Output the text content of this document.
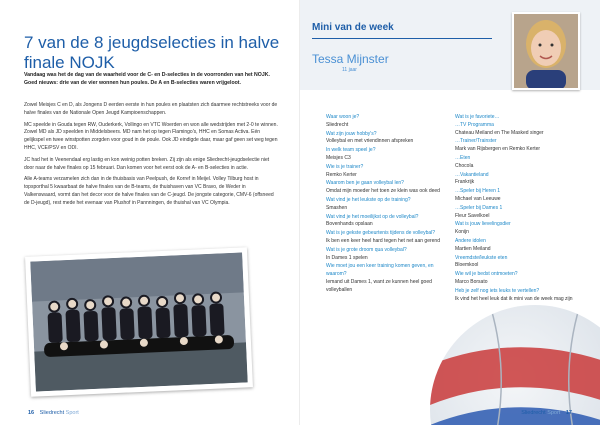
7 van de 8 jeugdselecties in halve finale NOJK
Vandaag was het de dag van de waarheid voor de C- en D-selecties in de voorronden van het NOJK. Goed nieuws: drie van de vier wonnen hun poules. De A en B-selecties waren vrijgeloot.

Zowel Meisjes C en D, als Jongens D eerden eerste in hun poules en plaatsten zich daarmee rechtstreeks voor de halve finales van de Nationale Open Jeugd Kampioenschappen.

MC speelde in Gouda tegen RW, Ouderkerk, Vollingo en VTC Woerden en won alle wedstrijden met 2-0 te winnen. Zowel MD als JD speelden in Middelsbeers. MD nam het op tegen Flamingo's, HHC en Somas Activa. Eén gelijkspel en twee winstpotten zorgden voor goud in de poule. Ook JD eindigde daar, maar gaf geen set weg tegen HHC, VCE/PSV en ODI.

JC had het in Veenendaal erg lastig en kon weinig potten breken. Zij zijn als enige Sliedrecht-jeugdselectie niet door naar de halve finales op 15 februari. Dan komen voor het eerst ook de A- en B-selecties in actie.

Alle A-teams verzamelen zich dan in de thuisbasis van Peelpush, de Korref in Meijel. Volley Tilburg host in topsporthal 5 kwaarbaat de halve finales van de B-teams, de thuishaven van VC Bravo, de Weder in Valkenswaard, vormt dan het decor voor de halve finales van de C-jeugd. De jongste categorie, CMV-6 (offsneed de D-jeugd), rest mede het evenaar van Plushof in Pannningen, de thuishal van VC Olympia.

16 Sliedrecht Sport
Mini van de week
Tessa Mijnster
11 jaar
Waar woon je?
Sliedrecht
Wat zijn jouw hobby's?
Volleybal en met vriendinnen afspreken
In welk team speel je?
Meisjes C3
Wie is je trainer?
Remko Kerter
Waarom ben je gaan volleybal len?
Omdat mijn moeder het toen ze klein was ook deed
Wat vind je het leukste op de training?
Smashen
Wat vind je het moeilijkst op de volleybal?
Bovenhands opslaan
Wat is je gekste gebeurtenis tijdens de volleybal?
Ik ben een keer heel hard tegen het net aan gerend
Wat is je grote droom qua volleybal?
In Dames 1 spelen
Wie moet jou een keer training komen geven, en waarom?
Iemand uit Dames 1, want ze kunnen heel goed volleyballen
Wat is je favoriete…
…TV Programma
Chateau Meiland en The Masked singer
…Trainer/Trainster
Mark van Rijsbergen en Remko Kerter
…Eten
Chocola
…Vakantieland
Frankrijk
…Speler bij Heren 1
Michael van Leeuwe
…Speler bij Dames 1
Fleur Savelkoel
Wat is jouw lievelingsdier
Konijn
Andere idolen
Martien Meiland
Vreemdste/leukste eten
Bloemkool
Wie wil je bedst ontmoeten?
Marco Borsato
Heb je zelf nog iets leuks te vertellen?
Ik vind het heel leuk dat ik mini van de week mag zijn
Sliedrecht Sport 17
